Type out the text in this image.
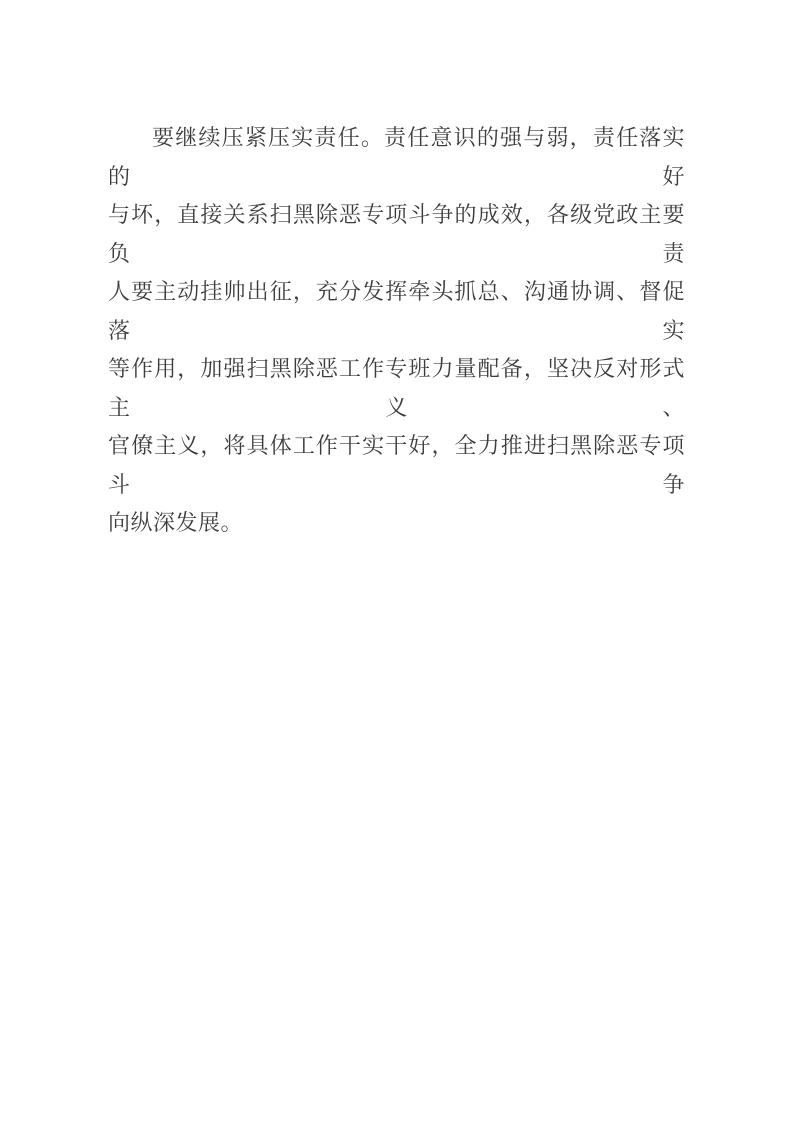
要继续压紧压实责任。责任意识的强与弱，责任落实的好
与坏，直接关系扫黑除恶专项斗争的成效，各级党政主要负责
人要主动挂帅出征，充分发挥牵头抓总、沟通协调、督促落实
等作用，加强扫黑除恶工作专班力量配备，坚决反对形式主义、
官僚主义，将具体工作干实干好，全力推进扫黑除恶专项斗争
向纵深发展。
